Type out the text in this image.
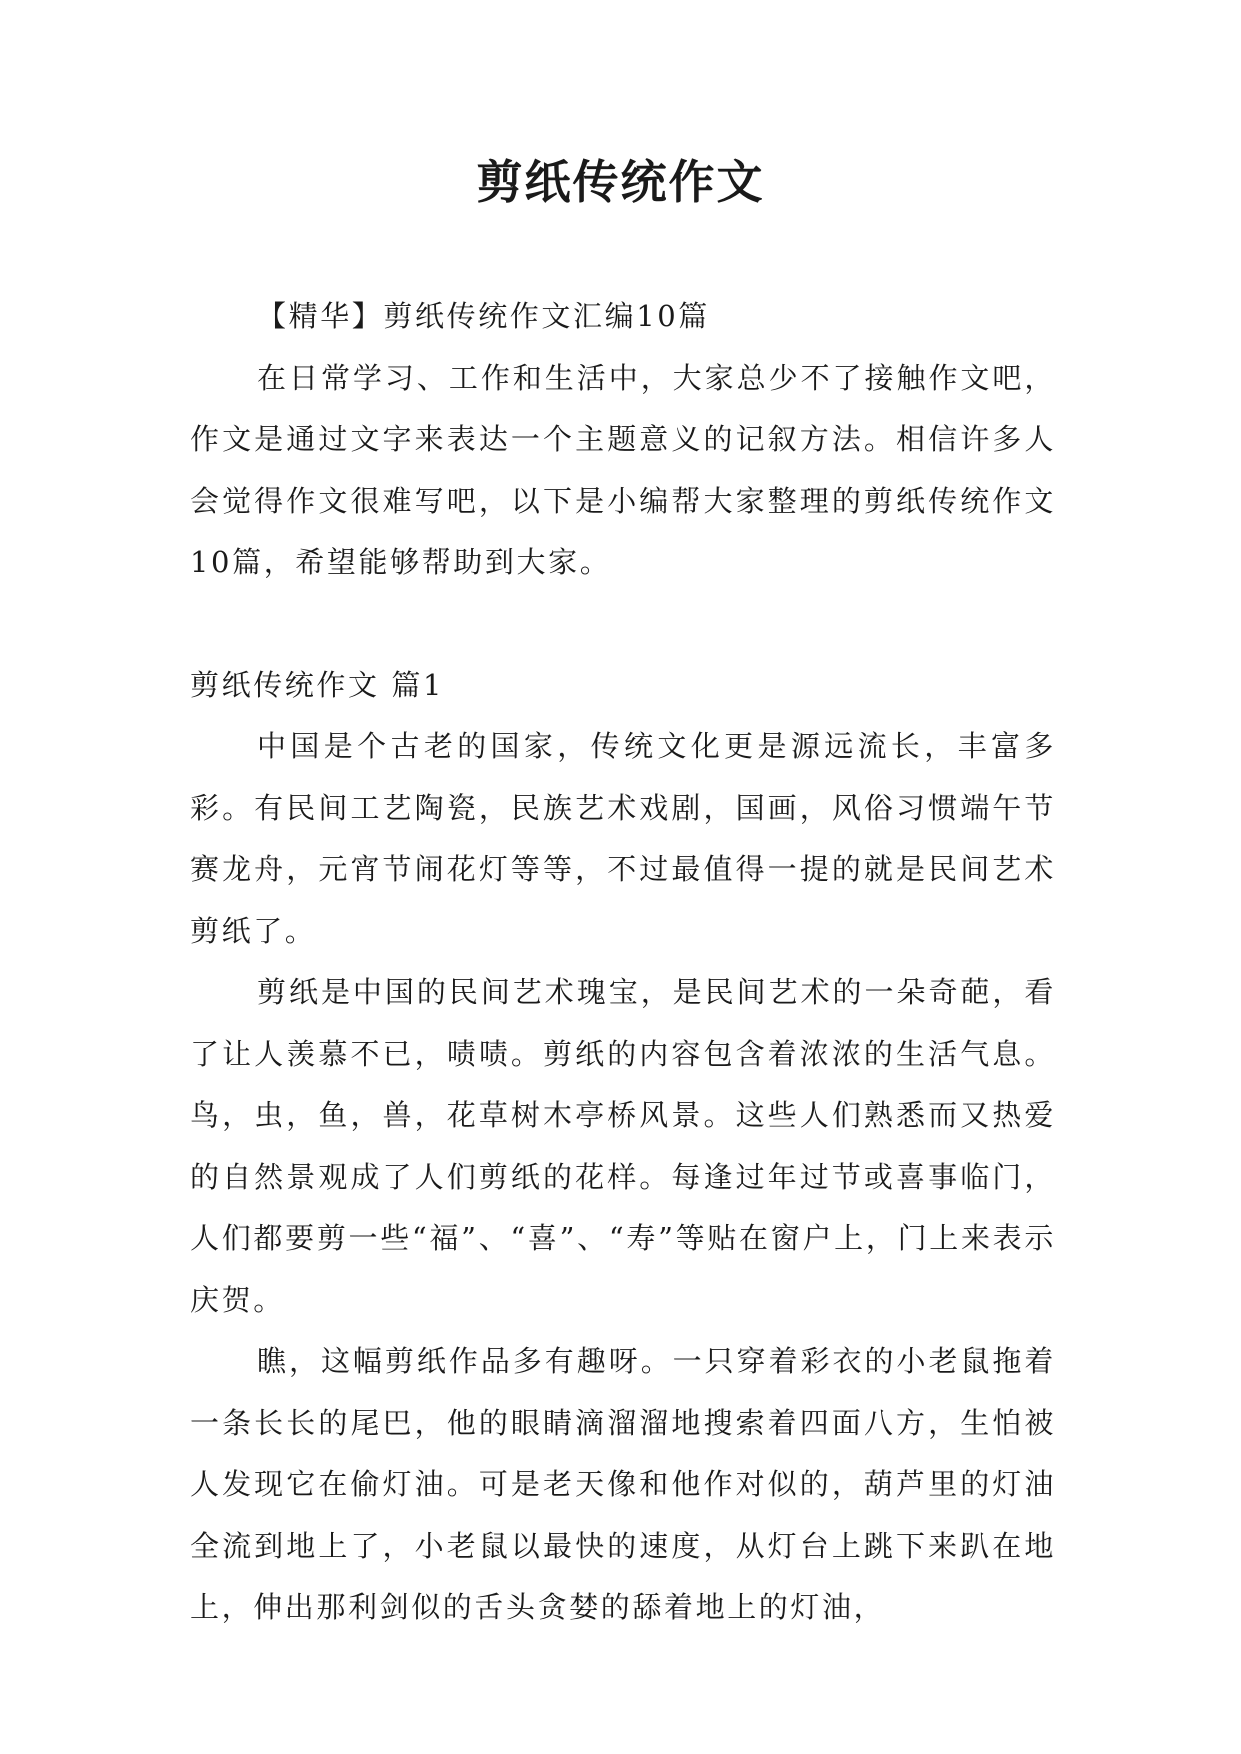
剪纸传统作文

【精华】剪纸传统作文汇编10篇

在日常学习、工作和生活中，大家总少不了接触作文吧，作文是通过文字来表达一个主题意义的记叙方法。相信许多人会觉得作文很难写吧，以下是小编帮大家整理的剪纸传统作文10篇，希望能够帮助到大家。

剪纸传统作文 篇1

中国是个古老的国家，传统文化更是源远流长，丰富多彩。有民间工艺陶瓷，民族艺术戏剧，国画，风俗习惯端午节赛龙舟，元宵节闹花灯等等，不过最值得一提的就是民间艺术剪纸了。

剪纸是中国的民间艺术瑰宝，是民间艺术的一朵奇葩，看了让人羡慕不已，啧啧。剪纸的内容包含着浓浓的生活气息。鸟，虫，鱼，兽，花草树木亭桥风景。这些人们熟悉而又热爱的自然景观成了人们剪纸的花样。每逢过年过节或喜事临门，人们都要剪一些“福”、“喜”、“寿”等贴在窗户上，门上来表示庆贺。

瞧，这幅剪纸作品多有趣呀。一只穿着彩衣的小老鼠拖着一条长长的尾巴，他的眼睛滴溜溜地搜索着四面八方，生怕被人发现它在偷灯油。可是老天像和他作对似的，葫芦里的灯油全流到地上了，小老鼠以最快的速度，从灯台上跳下来趴在地上，伸出那利剑似的舌头贪婪的舔着地上的灯油，
